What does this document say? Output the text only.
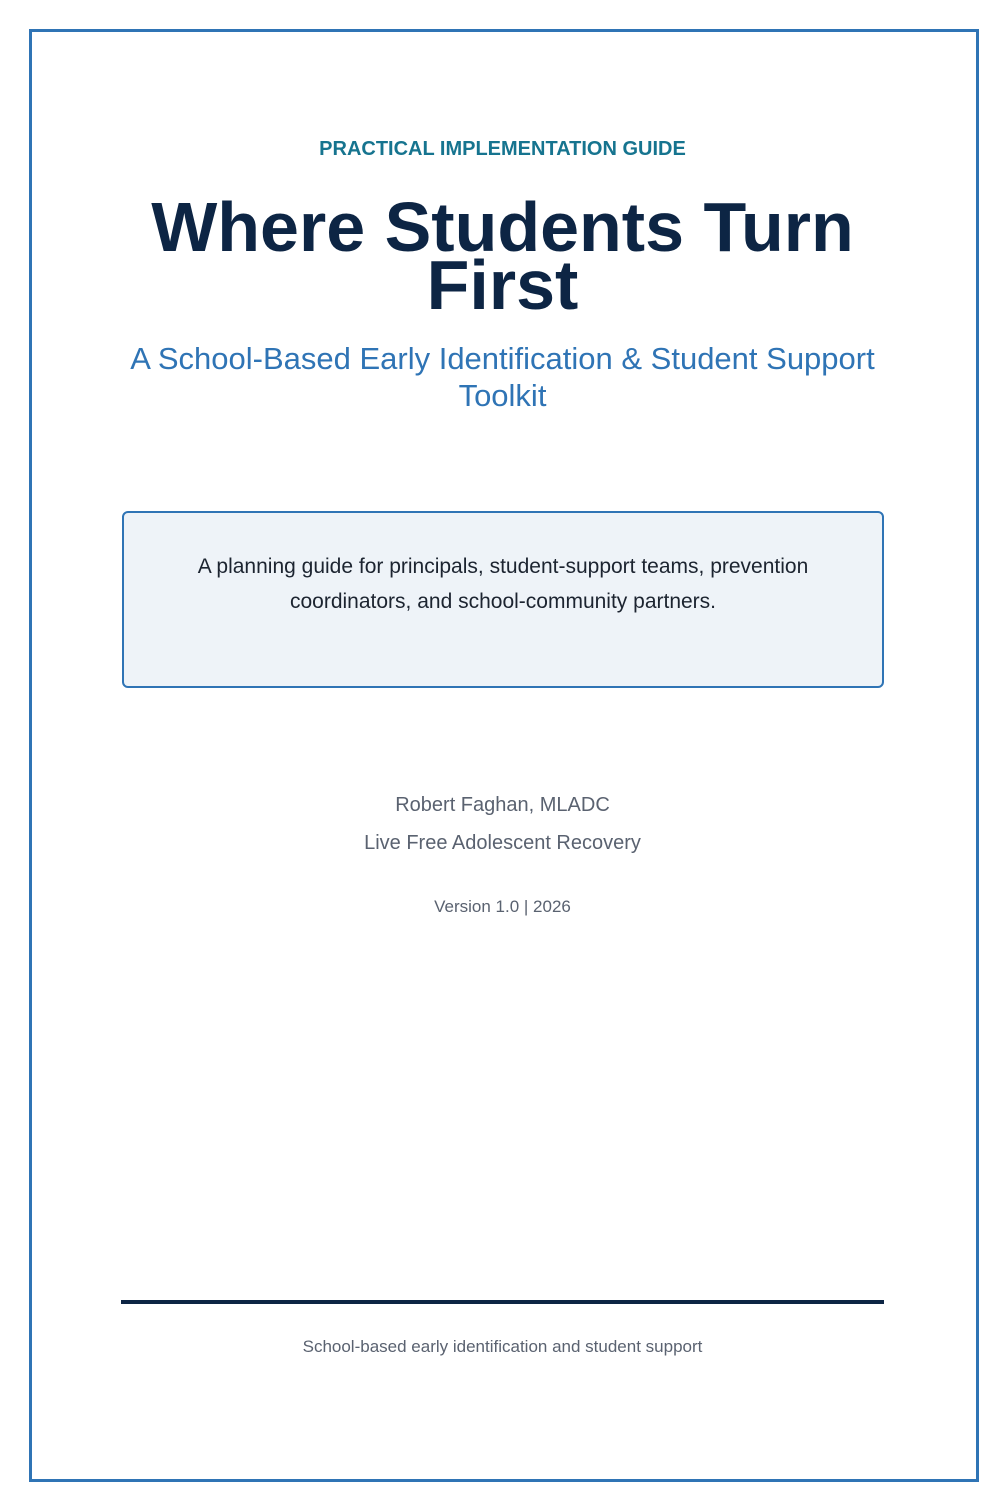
PRACTICAL IMPLEMENTATION GUIDE
Where Students Turn First
A School-Based Early Identification & Student Support Toolkit
A planning guide for principals, student-support teams, prevention coordinators, and school-community partners.
Robert Faghan, MLADC
Live Free Adolescent Recovery
Version 1.0 | 2026
School-based early identification and student support
